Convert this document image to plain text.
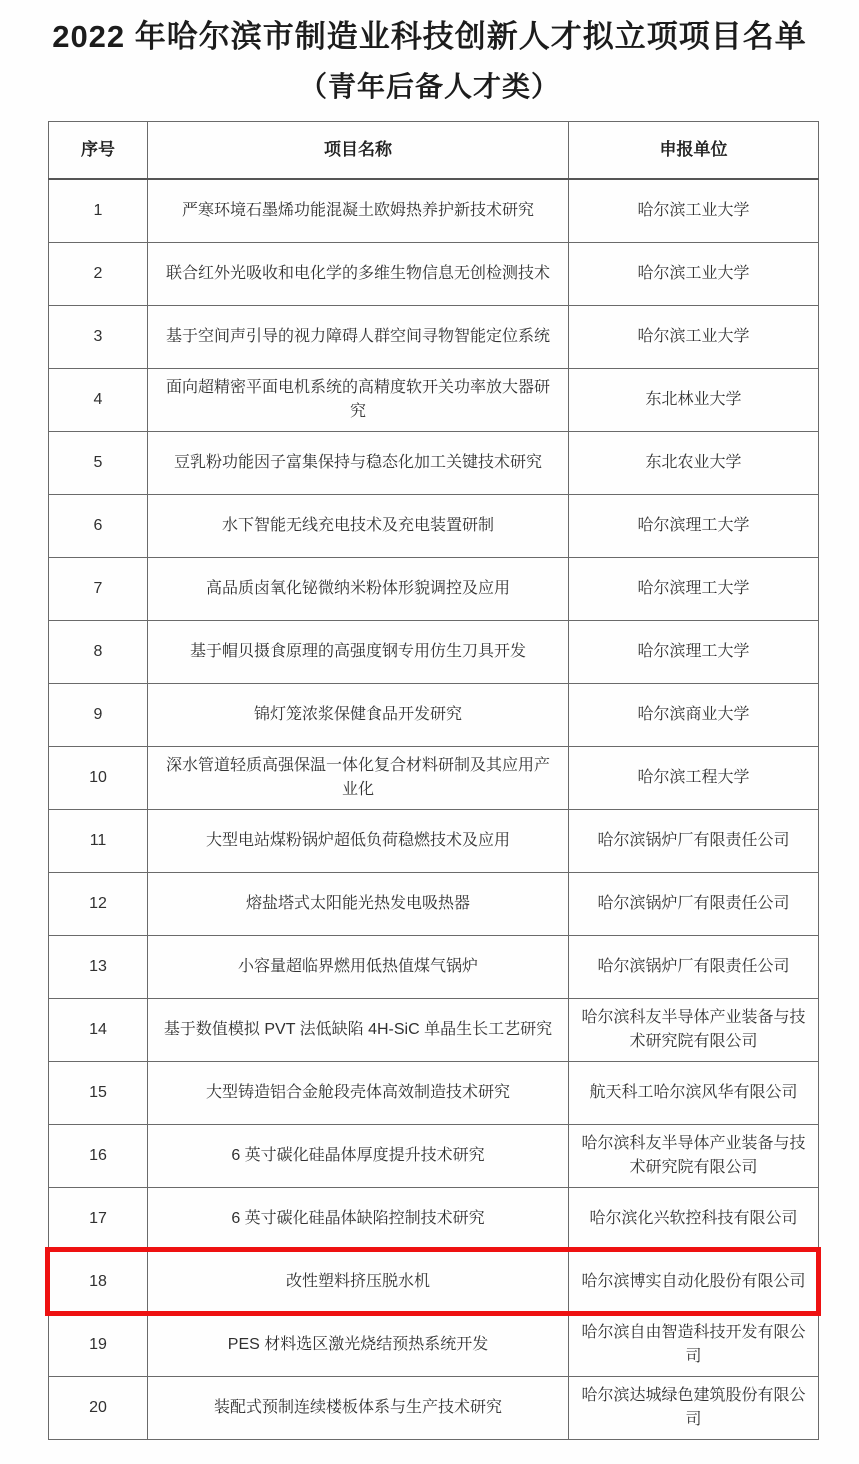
2022 年哈尔滨市制造业科技创新人才拟立项项目名单
（青年后备人才类）
序号	项目名称	申报单位
1	严寒环境石墨烯功能混凝土欧姆热养护新技术研究	哈尔滨工业大学
2	联合红外光吸收和电化学的多维生物信息无创检测技术	哈尔滨工业大学
3	基于空间声引导的视力障碍人群空间寻物智能定位系统	哈尔滨工业大学
4	面向超精密平面电机系统的高精度软开关功率放大器研究	东北林业大学
5	豆乳粉功能因子富集保持与稳态化加工关键技术研究	东北农业大学
6	水下智能无线充电技术及充电装置研制	哈尔滨理工大学
7	高品质卤氧化铋微纳米粉体形貌调控及应用	哈尔滨理工大学
8	基于帽贝摄食原理的高强度钢专用仿生刀具开发	哈尔滨理工大学
9	锦灯笼浓浆保健食品开发研究	哈尔滨商业大学
10	深水管道轻质高强保温一体化复合材料研制及其应用产业化	哈尔滨工程大学
11	大型电站煤粉锅炉超低负荷稳燃技术及应用	哈尔滨锅炉厂有限责任公司
12	熔盐塔式太阳能光热发电吸热器	哈尔滨锅炉厂有限责任公司
13	小容量超临界燃用低热值煤气锅炉	哈尔滨锅炉厂有限责任公司
14	基于数值模拟 PVT 法低缺陷 4H-SiC 单晶生长工艺研究	哈尔滨科友半导体产业装备与技术研究院有限公司
15	大型铸造铝合金舱段壳体高效制造技术研究	航天科工哈尔滨风华有限公司
16	6 英寸碳化硅晶体厚度提升技术研究	哈尔滨科友半导体产业装备与技术研究院有限公司
17	6 英寸碳化硅晶体缺陷控制技术研究	哈尔滨化兴软控科技有限公司
18	改性塑料挤压脱水机	哈尔滨博实自动化股份有限公司
19	PES 材料选区激光烧结预热系统开发	哈尔滨自由智造科技开发有限公司
20	装配式预制连续楼板体系与生产技术研究	哈尔滨达城绿色建筑股份有限公司
